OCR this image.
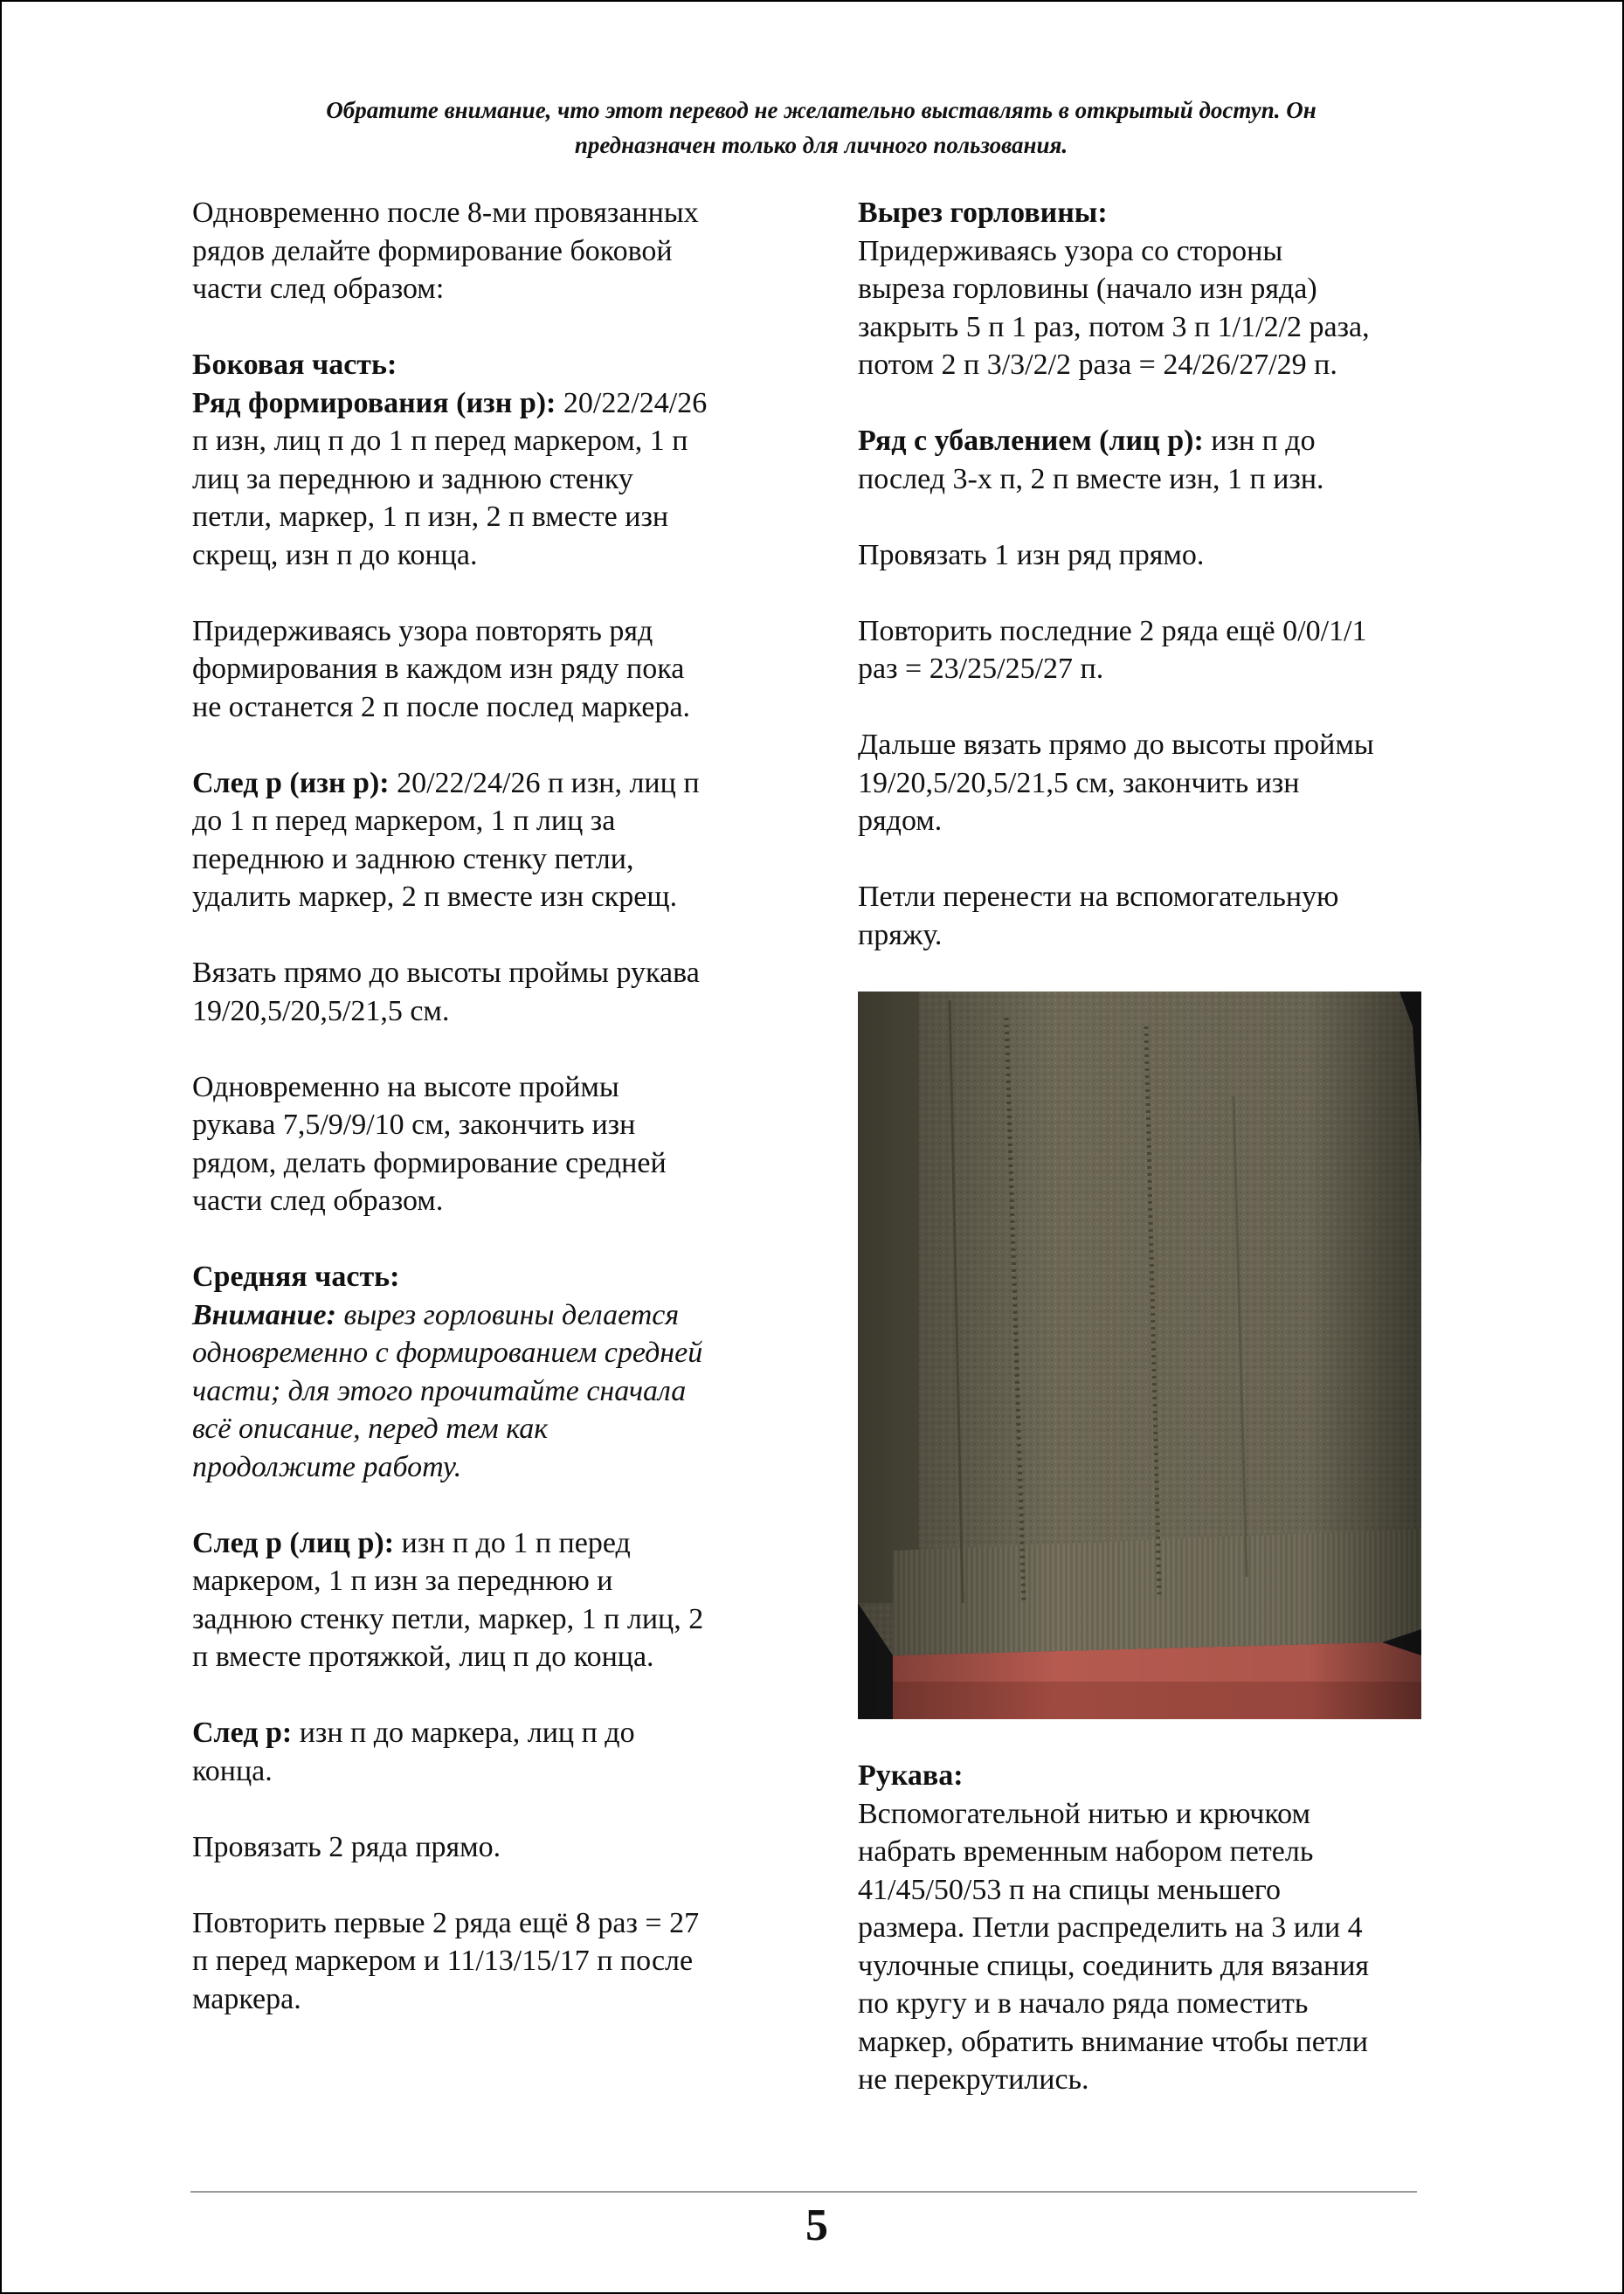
Обратите внимание, что этот перевод не желательно выставлять в открытый доступ. Он
предназначен только для личного пользования.

Одновременно после 8-ми провязанных

рядов делайте формирование боковой

части след образом:

Боковая часть:

Ряд формирования (изн р): 20/22/24/26

п изн, лиц п до 1 п перед маркером, 1 п

лиц за переднюю и заднюю стенку

петли, маркер, 1 п изн, 2 п вместе изн

скрещ, изн п до конца.

Придерживаясь узора повторять ряд

формирования в каждом изн ряду пока

не останется 2 п после послед маркера.

След р (изн р): 20/22/24/26 п изн, лиц п

до 1 п перед маркером, 1 п лиц за

переднюю и заднюю стенку петли,

удалить маркер, 2 п вместе изн скрещ.

Вязать прямо до высоты проймы рукава

19/20,5/20,5/21,5 см.

Одновременно на высоте проймы

рукава 7,5/9/9/10 см, закончить изн

рядом, делать формирование средней

части след образом.

Средняя часть:

Внимание: вырез горловины делается

одновременно с формированием средней

части; для этого прочитайте сначала

всё описание, перед тем как

продолжите работу.

След р (лиц р): изн п до 1 п перед

маркером, 1 п изн за переднюю и

заднюю стенку петли, маркер, 1 п лиц, 2

п вместе протяжкой, лиц п до конца.

След р: изн п до маркера, лиц п до

конца.

Провязать 2 ряда прямо.

Повторить первые 2 ряда ещё 8 раз = 27

п перед маркером и 11/13/15/17 п после

маркера.

Вырез горловины:

Придерживаясь узора со стороны

выреза горловины (начало изн ряда)

закрыть 5 п 1 раз, потом 3 п 1/1/2/2 раза,

потом 2 п 3/3/2/2 раза = 24/26/27/29 п.

Ряд с убавлением (лиц р): изн п до

послед 3-х п, 2 п вместе изн, 1 п изн.

Провязать 1 изн ряд прямо.

Повторить последние 2 ряда ещё 0/0/1/1

раз = 23/25/25/27 п.

Дальше вязать прямо до высоты проймы

19/20,5/20,5/21,5 см, закончить изн

рядом.

Петли перенести на вспомогательную

пряжу.

Рукава:

Вспомогательной нитью и крючком

набрать временным набором петель

41/45/50/53 п на спицы меньшего

размера. Петли распределить на 3 или 4

чулочные спицы, соединить для вязания

по кругу и в начало ряда поместить

маркер, обратить внимание чтобы петли

не перекрутились.

5
